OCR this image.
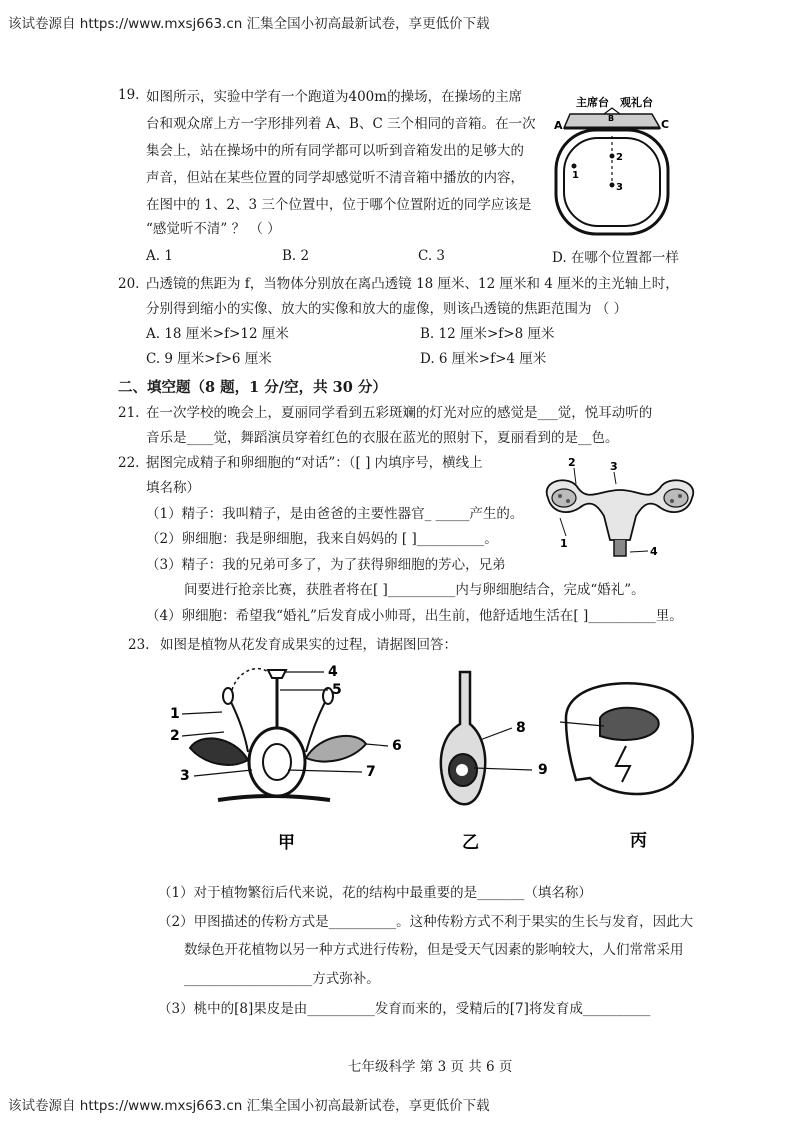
该试卷源自 https://www.mxsj663.cn 汇集全国小初高最新试卷，享更低价下载
该试卷源自 https://www.mxsj663.cn 汇集全国小初高最新试卷，享更低价下载
19. 如图所示，实验中学有一个跑道为400m的操场，在操场的主席
台和观众席上方一字形排列着 A、B、C 三个相同的音箱。在一次
集会上，站在操场中的所有同学都可以听到音箱发出的足够大的
声音，但站在某些位置的同学却感觉听不清音箱中播放的内容，
在图中的 1、2、3 三个位置中，位于哪个位置附近的同学应该是
“感觉听不清” ？ （ ）
A. 1	B. 2	C. 3	D. 在哪个位置都一样
主席台 观礼台
A
B	C
1
2
3
20. 凸透镜的焦距为 f，当物体分别放在离凸透镜 18 厘米、12 厘米和 4 厘米的主光轴上时，
分别得到缩小的实像、放大的实像和放大的虚像，则该凸透镜的焦距范围为 （ ）
A. 18 厘米>f>12 厘米	B. 12 厘米>f>8 厘米
C. 9 厘米>f>6 厘米	D. 6 厘米>f>4 厘米
二、填空题（8 题，1 分/空，共 30 分）
21. 在一次学校的晚会上，夏丽同学看到五彩斑斓的灯光对应的感觉是___觉，悦耳动听的
音乐是____觉，舞蹈演员穿着红色的衣服在蓝光的照射下，夏丽看到的是__色。
22. 据图完成精子和卵细胞的“对话”：（[ ] 内填序号，横线上
填名称）
（1）精子：我叫精子，是由爸爸的主要性器官_ _____产生的。
（2）卵细胞：我是卵细胞，我来自妈妈的 [ ]__________。
（3）精子：我的兄弟可多了，为了获得卵细胞的芳心，兄弟
间要进行抢亲比赛，获胜者将在[ ]__________内与卵细胞结合，完成“婚礼”。
（4）卵细胞：希望我“婚礼”后发育成小帅哥，出生前，他舒适地生活在[ ]__________里。
2	3
1
4
23. 如图是植物从花发育成果实的过程，请据图回答：
4
5
1
2
3
6
7
8
9
甲	乙	丙
（1）对于植物繁衍后代来说，花的结构中最重要的是_______（填名称）
（2）甲图描述的传粉方式是__________。这种传粉方式不利于果实的生长与发育，因此大
数绿色开花植物以另一种方式进行传粉，但是受天气因素的影响较大，人们常常采用
___________________方式弥补。
（3）桃中的[8]果皮是由__________发育而来的，受精后的[7]将发育成__________
七年级科学 第 3 页 共 6 页
